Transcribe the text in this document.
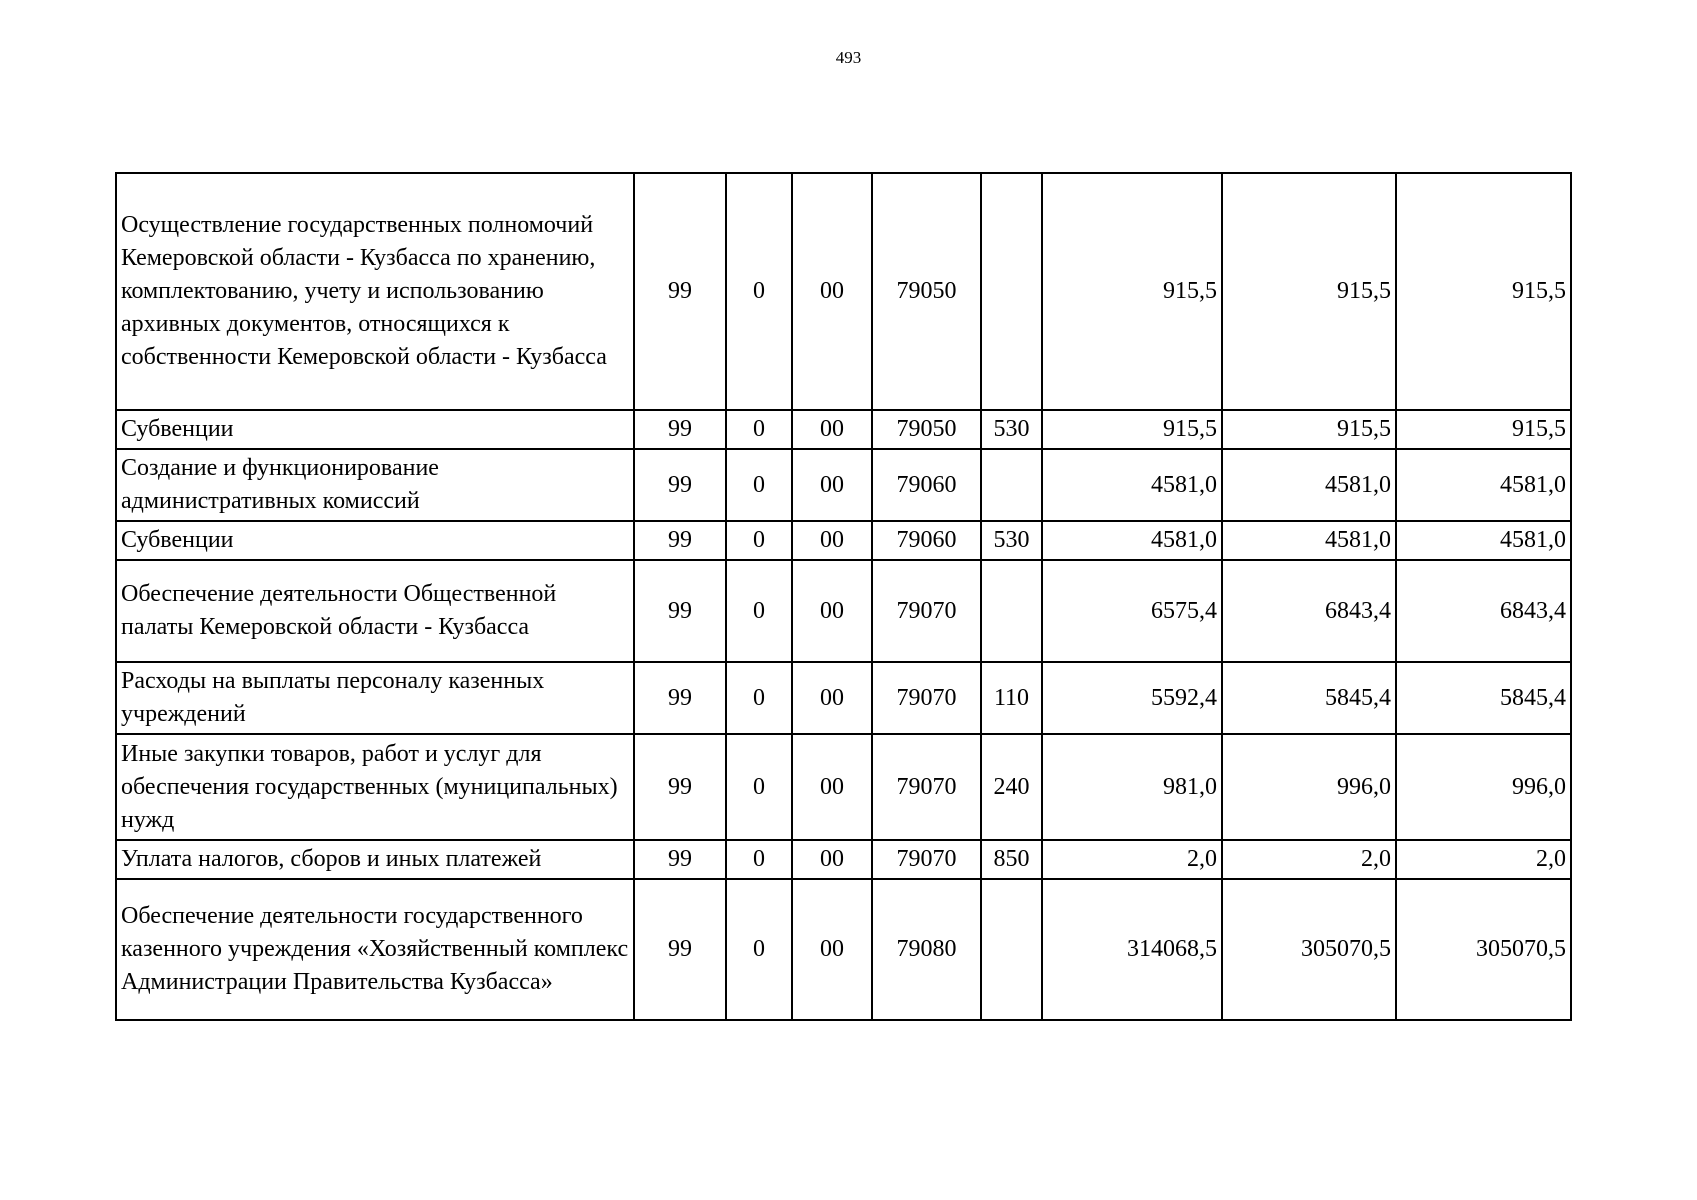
493
Осуществление государственных полномочий Кемеровской области - Кузбасса по хранению, комплектованию, учету и использованию архивных документов, относящихся к собственности Кемеровской области - Кузбасса	99	0	00	79050		915,5	915,5	915,5
Субвенции	99	0	00	79050	530	915,5	915,5	915,5
Создание и функционирование административных комиссий	99	0	00	79060		4581,0	4581,0	4581,0
Субвенции	99	0	00	79060	530	4581,0	4581,0	4581,0
Обеспечение деятельности Общественной палаты Кемеровской области - Кузбасса	99	0	00	79070		6575,4	6843,4	6843,4
Расходы на выплаты персоналу казенных учреждений	99	0	00	79070	110	5592,4	5845,4	5845,4
Иные закупки товаров, работ и услуг для обеспечения государственных (муниципальных) нужд	99	0	00	79070	240	981,0	996,0	996,0
Уплата налогов, сборов и иных платежей	99	0	00	79070	850	2,0	2,0	2,0
Обеспечение деятельности государственного казенного учреждения «Хозяйственный комплекс Администрации Правительства Кузбасса»	99	0	00	79080		314068,5	305070,5	305070,5
